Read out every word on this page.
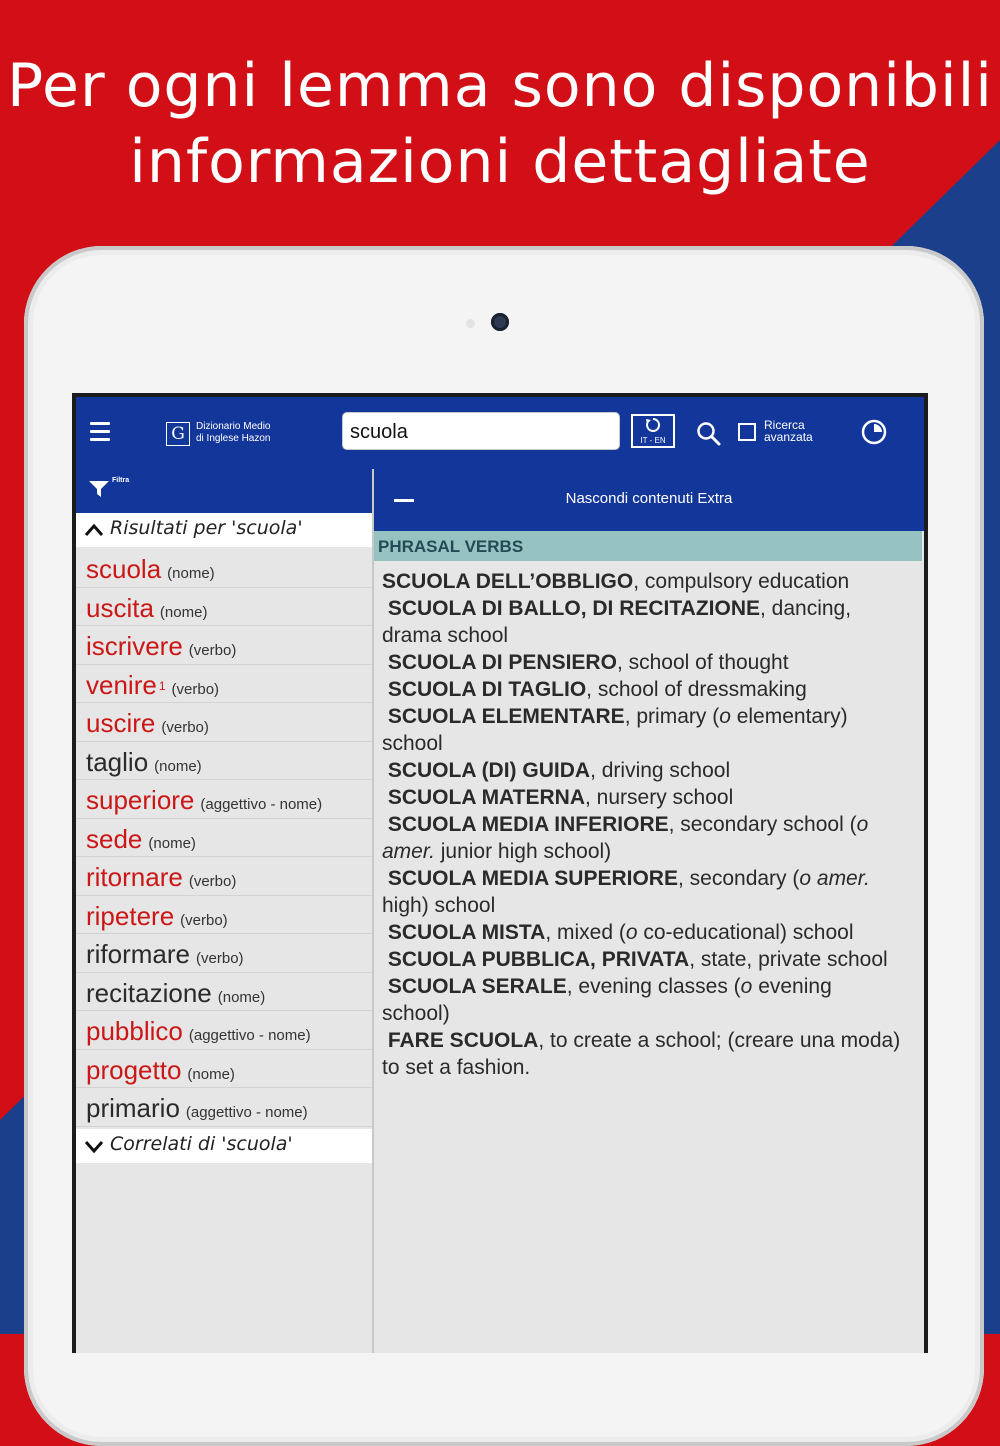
Per ogni lemma sono disponibili
informazioni dettagliate
G	Dizionario Medio
di Inglese Hazon	scuola	IT - EN
Ricerca
avanzata
Filtra
Risultati per 'scuola'
scuola (nome)
uscita (nome)
iscrivere (verbo)
venire $^1$ (verbo)
uscire (verbo)
taglio (nome)
superiore (aggettivo - nome)
sede (nome)
ritornare (verbo)
ripetere (verbo)
riformare (verbo)
recitazione (nome)
pubblico (aggettivo - nome)
progetto (nome)
primario (aggettivo - nome)
Correlati di 'scuola'
Nascondi contenuti Extra
PHRASAL VERBS
SCUOLA DELL’OBBLIGO, compulsory education
SCUOLA DI BALLO, DI RECITAZIONE, dancing, drama school
SCUOLA DI PENSIERO, school of thought
SCUOLA DI TAGLIO, school of dressmaking
SCUOLA ELEMENTARE, primary (o elementary) school
SCUOLA (DI) GUIDA, driving school
SCUOLA MATERNA, nursery school
SCUOLA MEDIA INFERIORE, secondary school (o amer. junior high school)
SCUOLA MEDIA SUPERIORE, secondary (o amer. high) school
SCUOLA MISTA, mixed (o co-educational) school
SCUOLA PUBBLICA, PRIVATA, state, private school
SCUOLA SERALE, evening classes (o evening school)
FARE SCUOLA, to create a school; (creare una moda) to set a fashion.
